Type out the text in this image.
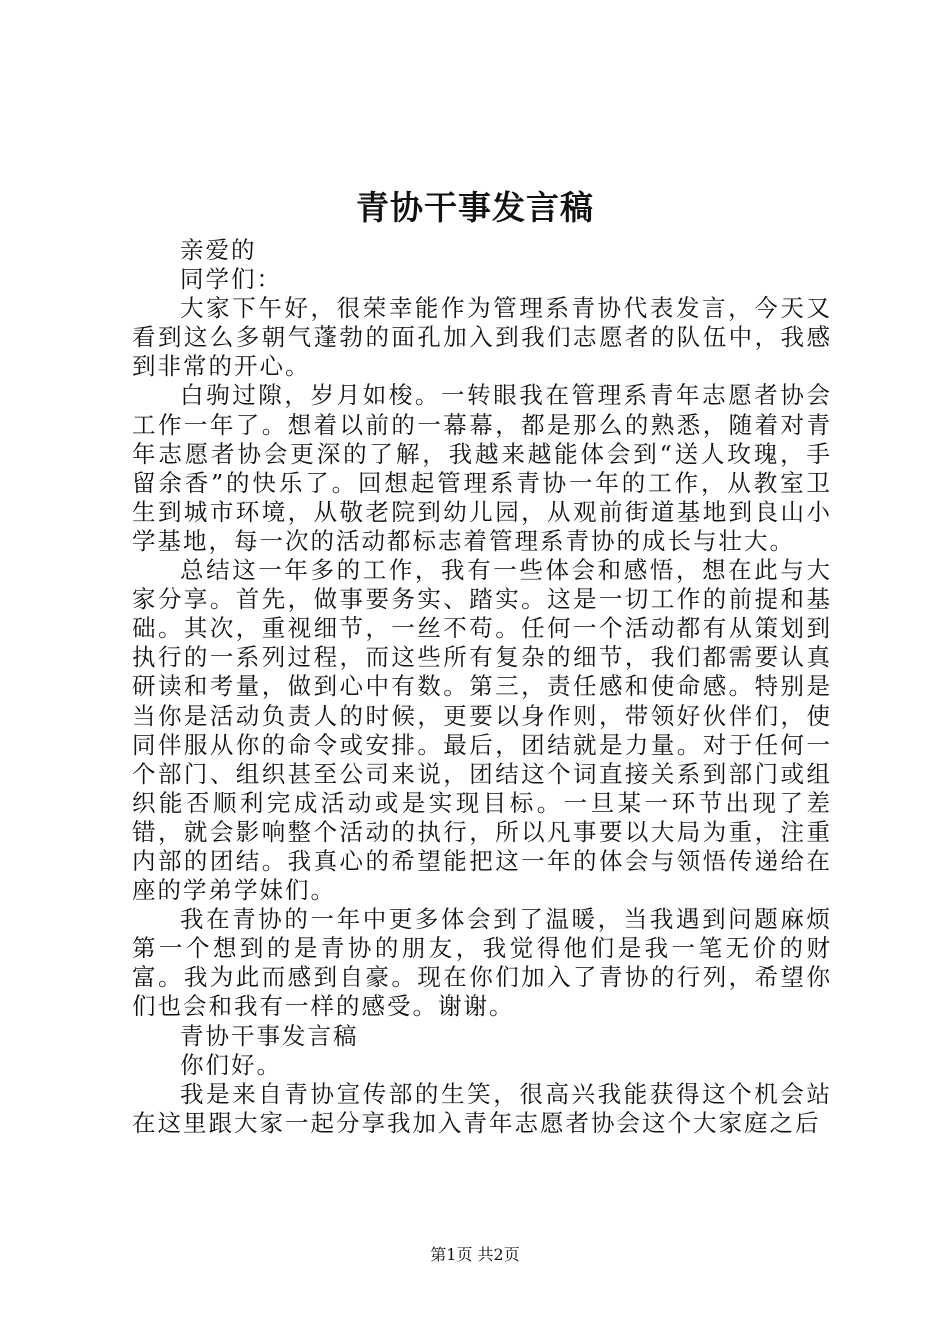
青协干事发言稿

亲爱的

同学们：

大家下午好，很荣幸能作为管理系青协代表发言，今天又看到这么多朝气蓬勃的面孔加入到我们志愿者的队伍中，我感到非常的开心。

白驹过隙，岁月如梭。一转眼我在管理系青年志愿者协会工作一年了。想着以前的一幕幕，都是那么的熟悉，随着对青年志愿者协会更深的了解，我越来越能体会到“送人玫瑰，手留余香”的快乐了。回想起管理系青协一年的工作，从教室卫生到城市环境，从敬老院到幼儿园，从观前街道基地到良山小学基地，每一次的活动都标志着管理系青协的成长与壮大。

总结这一年多的工作，我有一些体会和感悟，想在此与大家分享。首先，做事要务实、踏实。这是一切工作的前提和基础。其次，重视细节，一丝不苟。任何一个活动都有从策划到执行的一系列过程，而这些所有复杂的细节，我们都需要认真研读和考量，做到心中有数。第三，责任感和使命感。特别是当你是活动负责人的时候，更要以身作则，带领好伙伴们，使同伴服从你的命令或安排。最后，团结就是力量。对于任何一个部门、组织甚至公司来说，团结这个词直接关系到部门或组织能否顺利完成活动或是实现目标。一旦某一环节出现了差错，就会影响整个活动的执行，所以凡事要以大局为重，注重内部的团结。我真心的希望能把这一年的体会与领悟传递给在座的学弟学妹们。

我在青协的一年中更多体会到了温暖，当我遇到问题麻烦第一个想到的是青协的朋友，我觉得他们是我一笔无价的财富。我为此而感到自豪。现在你们加入了青协的行列，希望你们也会和我有一样的感受。谢谢。

青协干事发言稿

你们好。

我是来自青协宣传部的生笑，很高兴我能获得这个机会站在这里跟大家一起分享我加入青年志愿者协会这个大家庭之后

第1页 共2页
